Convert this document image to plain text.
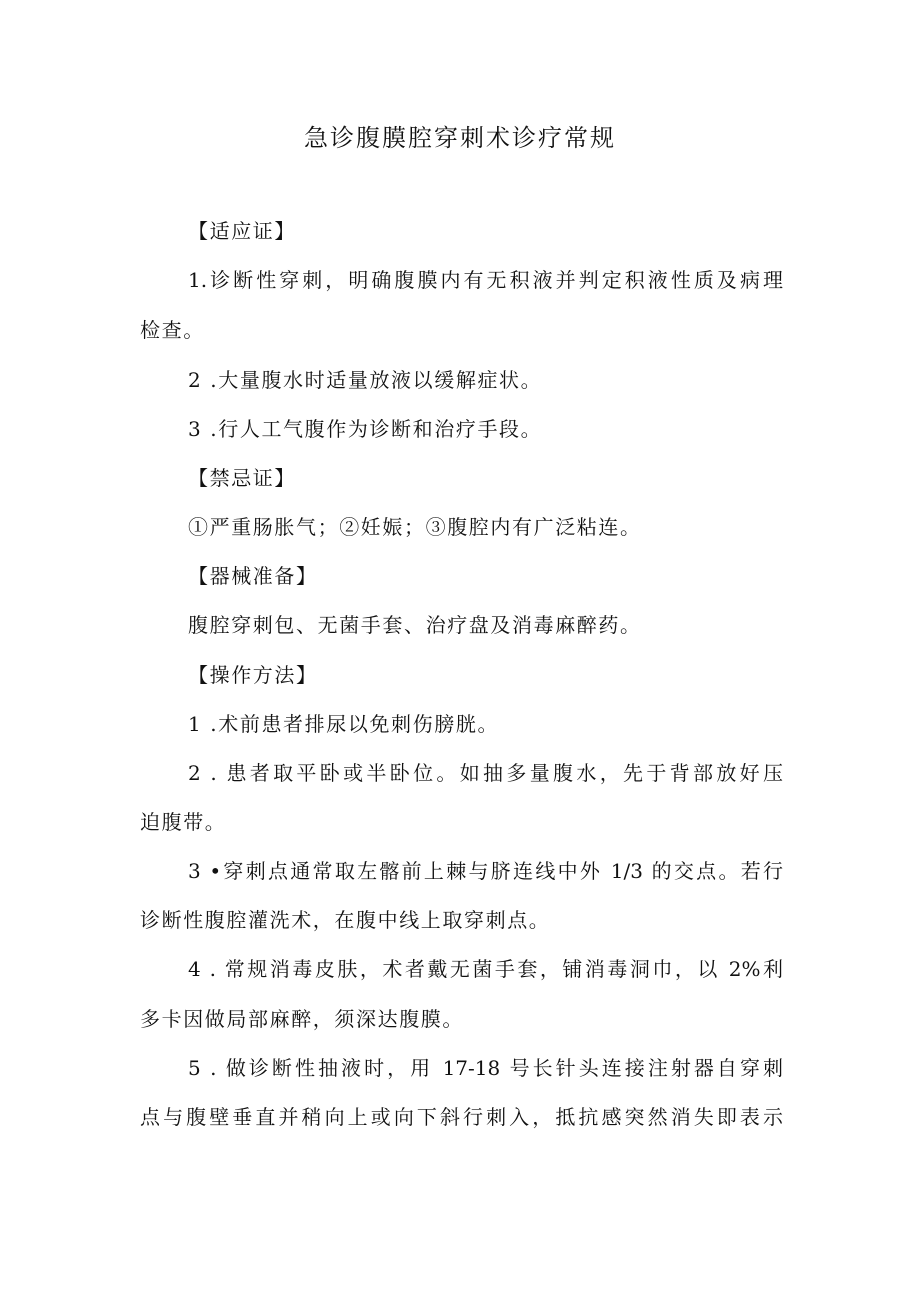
急诊腹膜腔穿刺术诊疗常规
【适应证】
1.诊断性穿刺，明确腹膜内有无积液并判定积液性质及病理
检查。
2 .大量腹水时适量放液以缓解症状。
3 .行人工气腹作为诊断和治疗手段。
【禁忌证】
①严重肠胀气；②妊娠；③腹腔内有广泛粘连。
【器械准备】
腹腔穿刺包、无菌手套、治疗盘及消毒麻醉药。
【操作方法】
1 .术前患者排尿以免刺伤膀胱。
2 . 患者取平卧或半卧位。如抽多量腹水，先于背部放好压
迫腹带。
3 •穿刺点通常取左髂前上棘与脐连线中外 1/3 的交点。若行
诊断性腹腔灌洗术，在腹中线上取穿刺点。
4 . 常规消毒皮肤，术者戴无菌手套，铺消毒洞巾，以 2%利
多卡因做局部麻醉，须深达腹膜。
5 . 做诊断性抽液时，用 17-18 号长针头连接注射器自穿刺
点与腹壁垂直并稍向上或向下斜行刺入，抵抗感突然消失即表示
